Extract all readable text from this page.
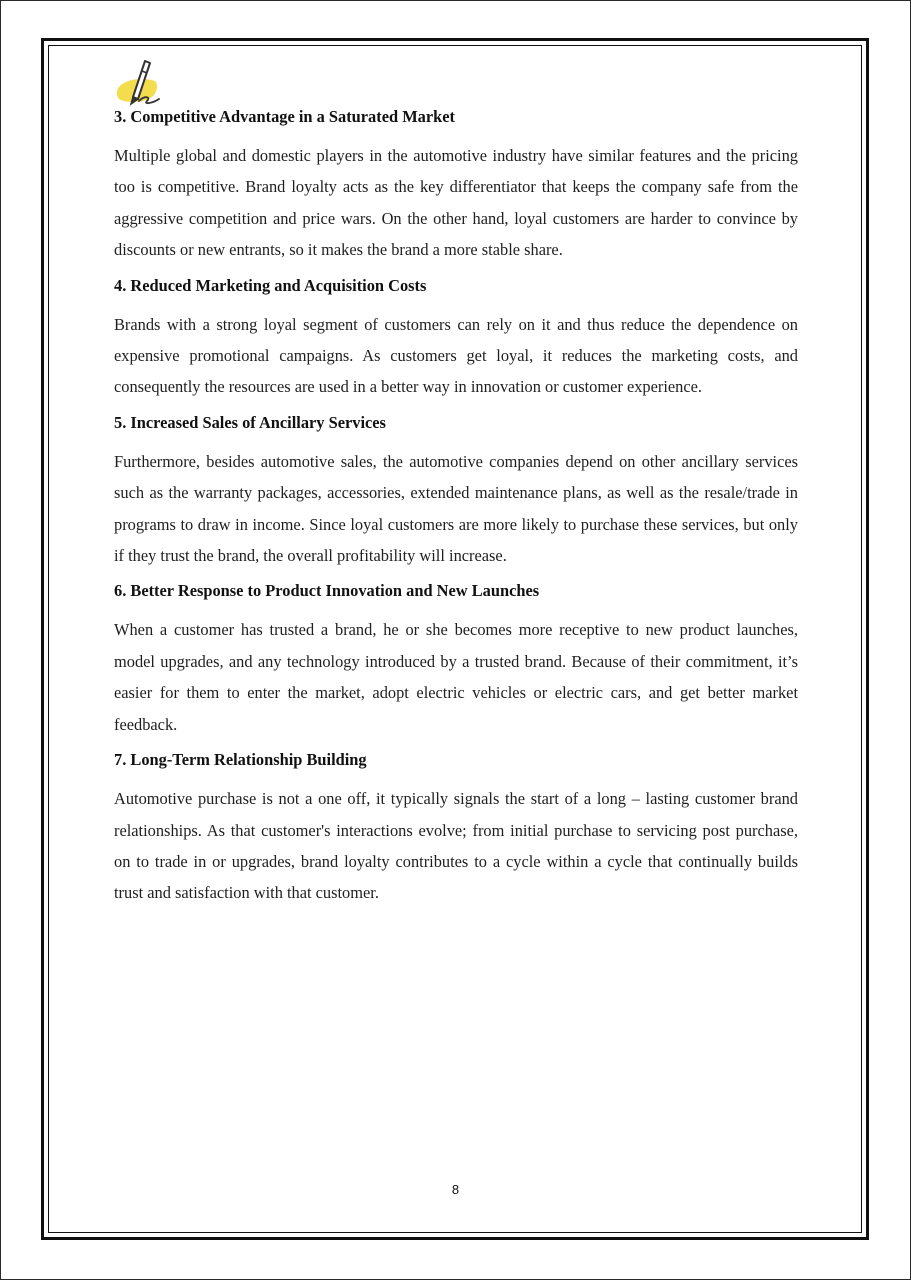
3. Competitive Advantage in a Saturated Market

Multiple global and domestic players in the automotive industry have similar features and the pricing too is competitive. Brand loyalty acts as the key differentiator that keeps the company safe from the aggressive competition and price wars. On the other hand, loyal customers are harder to convince by discounts or new entrants, so it makes the brand a more stable share.

4. Reduced Marketing and Acquisition Costs

Brands with a strong loyal segment of customers can rely on it and thus reduce the dependence on expensive promotional campaigns. As customers get loyal, it reduces the marketing costs, and consequently the resources are used in a better way in innovation or customer experience.

5. Increased Sales of Ancillary Services

Furthermore, besides automotive sales, the automotive companies depend on other ancillary services such as the warranty packages, accessories, extended maintenance plans, as well as the resale/trade in programs to draw in income. Since loyal customers are more likely to purchase these services, but only if they trust the brand, the overall profitability will increase.

6. Better Response to Product Innovation and New Launches

When a customer has trusted a brand, he or she becomes more receptive to new product launches, model upgrades, and any technology introduced by a trusted brand. Because of their commitment, it’s easier for them to enter the market, adopt electric vehicles or electric cars, and get better market feedback.

7. Long-Term Relationship Building

Automotive purchase is not a one off, it typically signals the start of a long – lasting customer brand relationships. As that customer's interactions evolve; from initial purchase to servicing post purchase, on to trade in or upgrades, brand loyalty contributes to a cycle within a cycle that continually builds trust and satisfaction with that customer.

8
